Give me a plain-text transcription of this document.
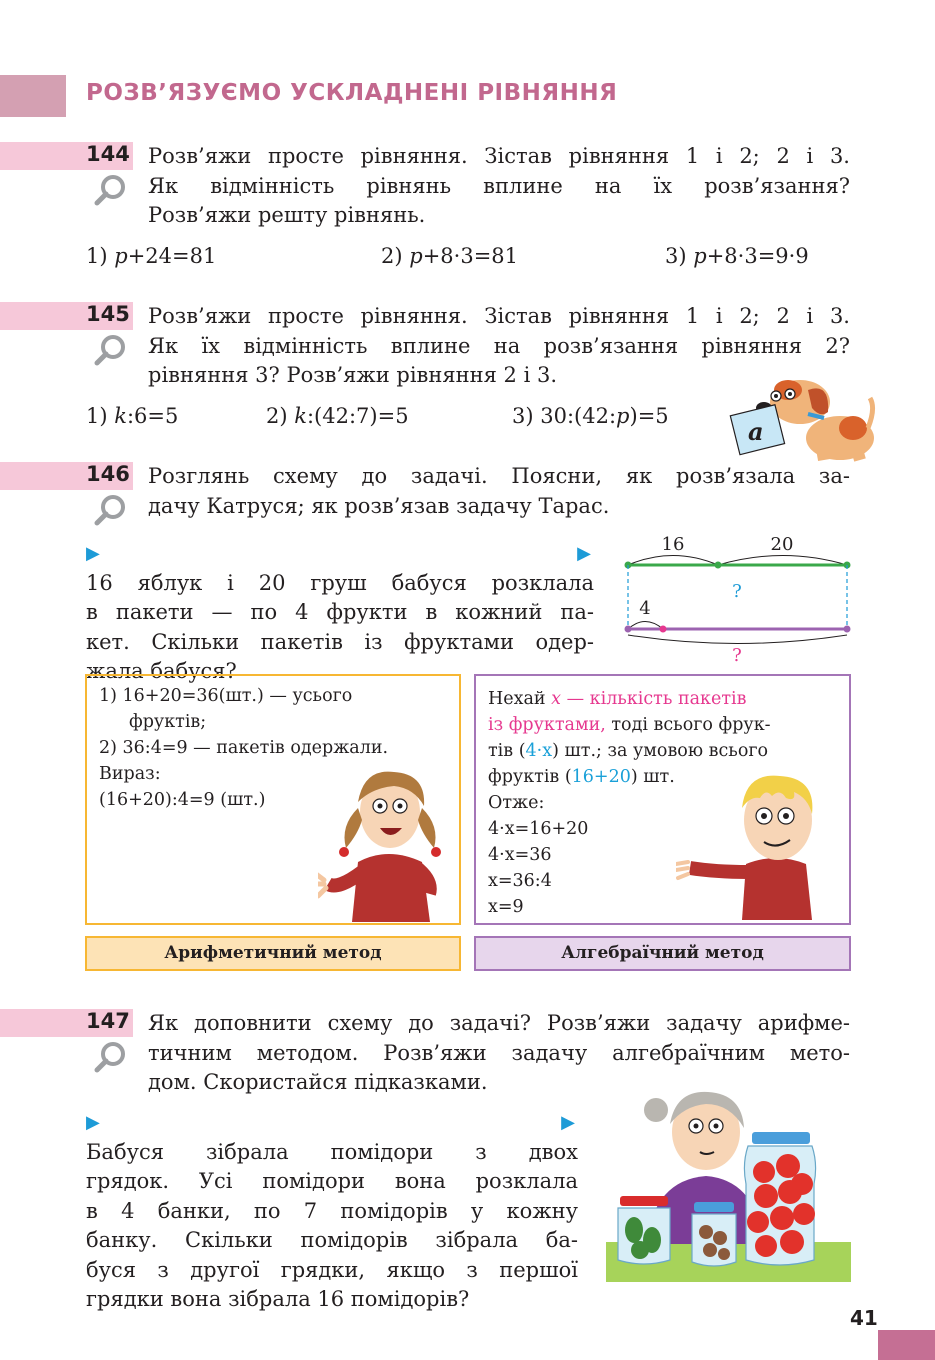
РОЗВ’ЯЗУЄМО УСКЛАДНЕНІ РІВНЯННЯ
144 Розв’яжи просте рівняння. Зістав рівняння 1 і 2; 2 і 3.
Як відмінність рівнянь вплине на їх розв’язання?
Розв’яжи решту рівнянь.
1) p+24=81	2) p+8·3=81	3) p+8·3=9·9
145 Розв’яжи просте рівняння. Зістав рівняння 1 і 2; 2 і 3.
Як їх відмінність вплине на розв’язання рівняння 2?
рівняння 3? Розв’яжи рівняння 2 і 3.
1) k:6=5	2) k:(42:7)=5	3) 30:(42:p)=5
a
146 Розглянь схему до задачі. Поясни, як розв’язала за-
дачу Катруся; як розв’язав задачу Тарас.
▶▶
16 яблук і 20 груш бабуся розклала
в пакети — по 4 фрукти в кожний па-
кет. Скільки пакетів із фруктами одер-
жала бабуся?
16	20
?
4
?
1) 16+20=36(шт.) — усього
фруктів;
2) 36:4=9 — пакетів одержали.
Вираз:
(16+20):4=9 (шт.)
Нехай x — кількість пакетів
із фруктами, тоді всього фрук-
тів (4·x) шт.; за умовою всього
фруктів (16+20) шт.
Отже:
4·x=16+20
4·x=36
x=36:4
x=9
Арифметичний метод	Алгебраїчний метод
147 Як доповнити схему до задачі? Розв’яжи задачу арифме-
тичним методом. Розв’яжи задачу алгебраїчним мето-
дом. Скористайся підказками.
▶▶
Бабуся зібрала помідори з двох
грядок. Усі помідори вона розклала
в 4 банки, по 7 помідорів у кожну
банку. Скільки помідорів зібрала ба-
буся з другої грядки, якщо з першої
грядки вона зібрала 16 помідорів?
41
